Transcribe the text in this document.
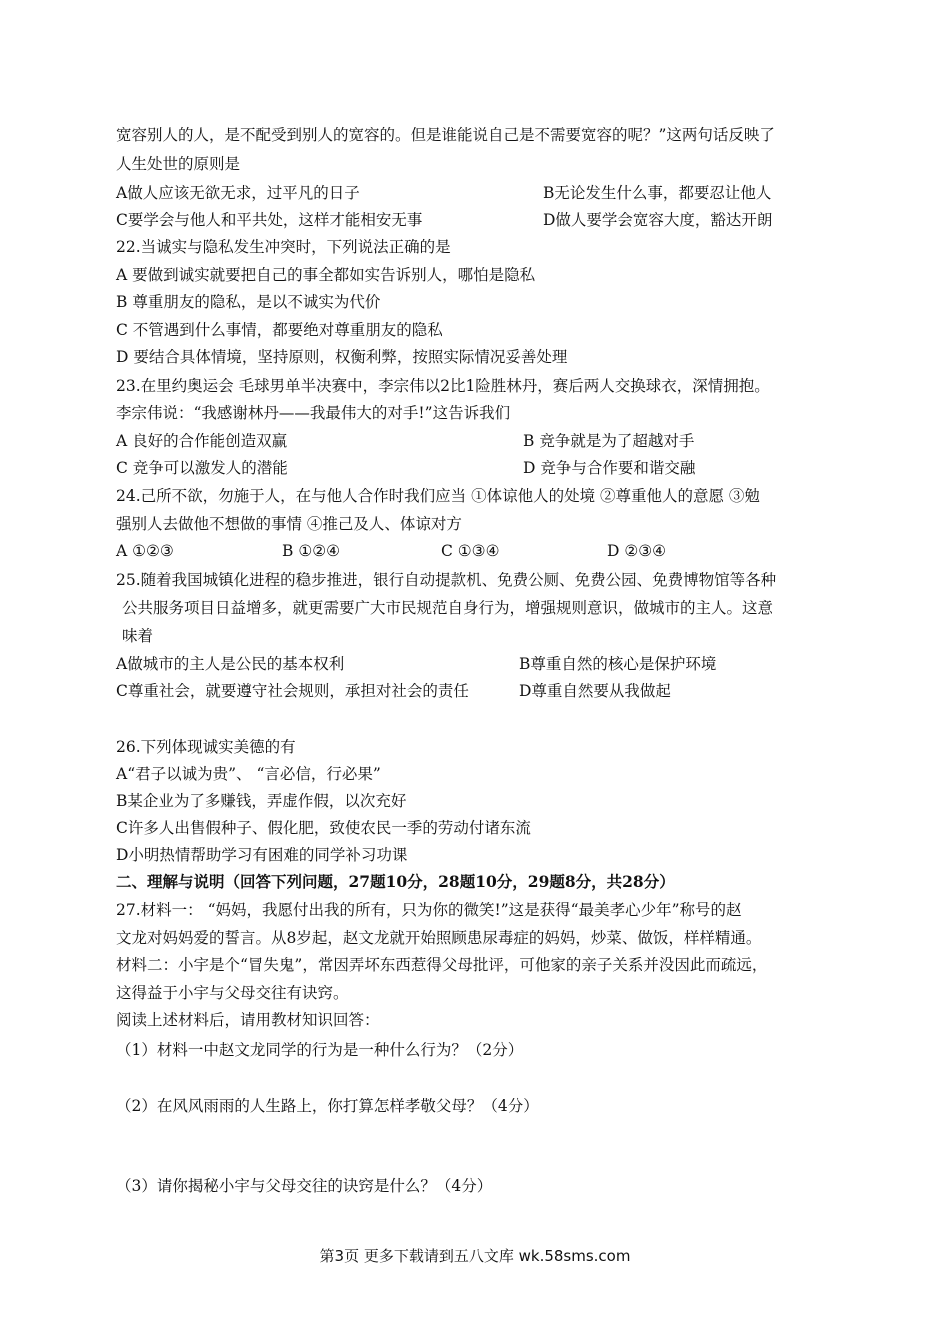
宽容别人的人，是不配受到别人的宽容的。但是谁能说自己是不需要宽容的呢？”这两句话反映了
人生处世的原则是
A做人应该无欲无求，过平凡的日子	B无论发生什么事，都要忍让他人
C要学会与他人和平共处，这样才能相安无事	D做人要学会宽容大度，豁达开朗
22.当诚实与隐私发生冲突时，下列说法正确的是
A 要做到诚实就要把自己的事全都如实告诉别人，哪怕是隐私
B 尊重朋友的隐私，是以不诚实为代价
C 不管遇到什么事情，都要绝对尊重朋友的隐私
D 要结合具体情境，坚持原则，权衡利弊，按照实际情况妥善处理
23.在里约奥运会 毛球男单半决赛中，李宗伟以2比1险胜林丹，赛后两人交换球衣，深情拥抱。
李宗伟说：“我感谢林丹——我最伟大的对手!”这告诉我们
A 良好的合作能创造双赢	B 竞争就是为了超越对手
C 竞争可以激发人的潜能	D 竞争与合作要和谐交融
24.己所不欲，勿施于人，在与他人合作时我们应当 ①体谅他人的处境 ②尊重他人的意愿 ③勉
强别人去做他不想做的事情 ④推己及人、体谅对方
A ①②③	B ①②④	C ①③④	D ②③④
25.随着我国城镇化进程的稳步推进，银行自动提款机、免费公厕、免费公园、免费博物馆等各种
公共服务项目日益增多，就更需要广大市民规范自身行为，增强规则意识，做城市的主人。这意
味着
A做城市的主人是公民的基本权利	B尊重自然的核心是保护环境
C尊重社会，就要遵守社会规则，承担对社会的责任	D尊重自然要从我做起
26.下列体现诚实美德的有
A“君子以诚为贵”、 “言必信，行必果”
B某企业为了多赚钱，弄虚作假，以次充好
C许多人出售假种子、假化肥，致使农民一季的劳动付诸东流
D小明热情帮助学习有困难的同学补习功课
二、理解与说明（回答下列问题，27题10分，28题10分，29题8分，共28分）
27.材料一： “妈妈，我愿付出我的所有，只为你的微笑!”这是获得“最美孝心少年”称号的赵
文龙对妈妈爱的誓言。从8岁起，赵文龙就开始照顾患尿毒症的妈妈，炒菜、做饭，样样精通。
材料二：小宇是个“冒失鬼”，常因弄坏东西惹得父母批评，可他家的亲子关系并没因此而疏远，
这得益于小宇与父母交往有诀窍。
阅读上述材料后，请用教材知识回答：
（1）材料一中赵文龙同学的行为是一种什么行为？（2分）
（2）在风风雨雨的人生路上，你打算怎样孝敬父母？（4分）
（3）请你揭秘小宇与父母交往的诀窍是什么？（4分）
第3页 更多下载请到五八文库 wk.58sms.com
